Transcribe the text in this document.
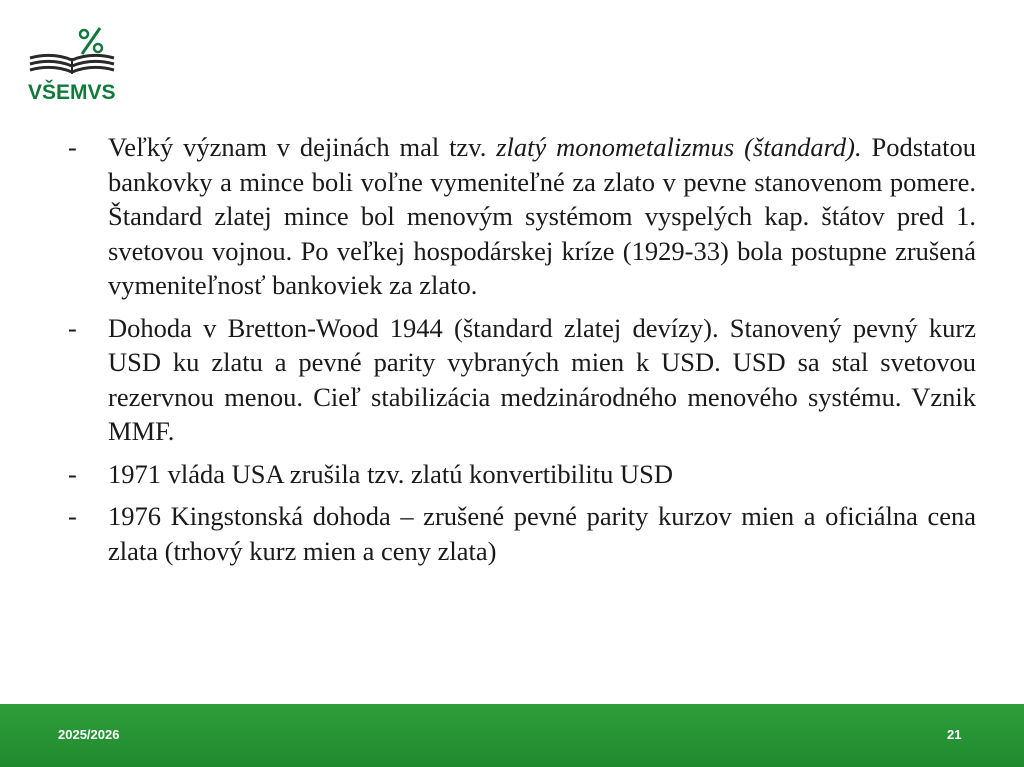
VŠEMVS
- Veľký význam v dejinách mal tzv. zlatý monometalizmus (štandard). Podstatou bankovky a mince boli voľne vymeniteľné za zlato v pevne stanovenom pomere. Štandard zlatej mince bol menovým systémom vyspelých kap. štátov pred 1. svetovou vojnou. Po veľkej hospodárskej kríze (1929-33) bola postupne zrušená vymeniteľnosť bankoviek za zlato.
- Dohoda v Bretton-Wood 1944 (štandard zlatej devízy). Stanovený pevný kurz USD ku zlatu a pevné parity vybraných mien k USD. USD sa stal svetovou rezervnou menou. Cieľ stabilizácia medzinárodného menového systému. Vznik MMF.
- 1971 vláda USA zrušila tzv. zlatú konvertibilitu USD
- 1976 Kingstonská dohoda – zrušené pevné parity kurzov mien a oficiálna cena zlata (trhový kurz mien a ceny zlata)
2025/2026	21
